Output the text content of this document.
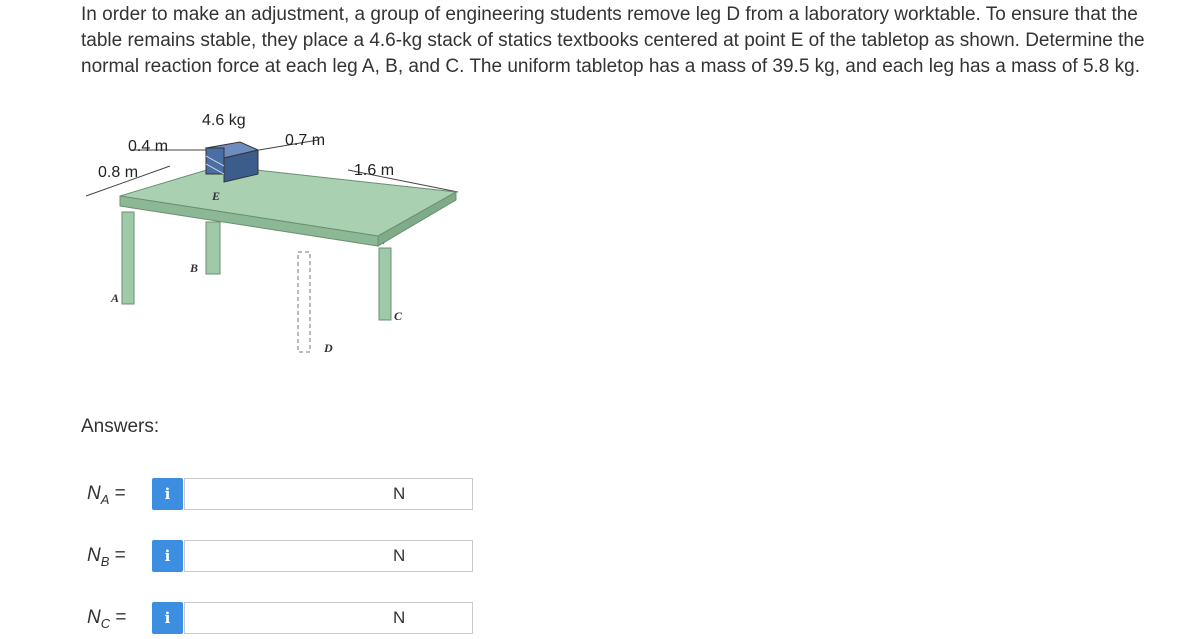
In order to make an adjustment, a group of engineering students remove leg D from a laboratory worktable. To ensure that the table remains stable, they place a 4.6-kg stack of statics textbooks centered at point E of the tabletop as shown. Determine the normal reaction force at each leg A, B, and C. The uniform tabletop has a mass of 39.5 kg, and each leg has a mass of 5.8 kg.

4.6 kg
0.4 m
0.8 m
0.7 m
1.6 m
E
B
A
C
D
Answers:
$N_A$ =	i	N
$N_B$ =	i	N
$N_C$ =	i	N
